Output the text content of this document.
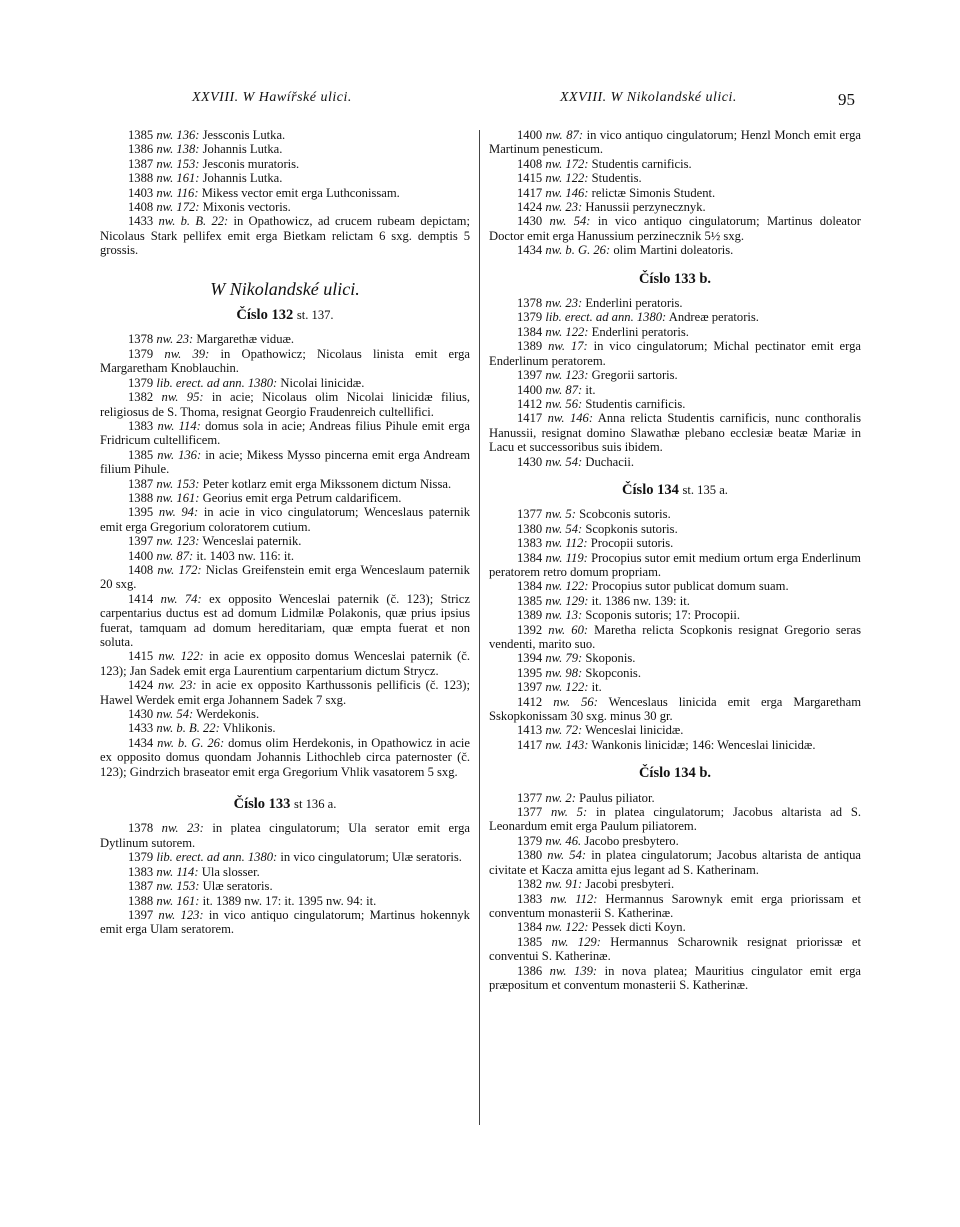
XXVIII. W Hawířské ulici.	XXVIII. W Nikolandské ulici.	95

1385 nw. 136: Jessconis Lutka.

1386 nw. 138: Johannis Lutka.

1387 nw. 153: Jesconis muratoris.

1388 nw. 161: Johannis Lutka.

1403 nw. 116: Mikess vector emit erga Luthconissam.

1408 nw. 172: Mixonis vectoris.

1433 nw. b. B. 22: in Opathowicz, ad crucem rubeam depictam; Nicolaus Stark pellifex emit erga Bietkam relictam 6 sxg. demptis 5 grossis.

W Nikolandské ulici.
Číslo 132 st. 137.

1378 nw. 23: Margarethæ viduæ.

1379 nw. 39: in Opathowicz; Nicolaus linista emit erga Margaretham Knoblauchin.

1379 lib. erect. ad ann. 1380: Nicolai linicidæ.

1382 nw. 95: in acie; Nicolaus olim Nicolai linicidæ filius, religiosus de S. Thoma, resignat Georgio Fraudenreich cultellifici.

1383 nw. 114: domus sola in acie; Andreas filius Pihule emit erga Fridricum cultellificem.

1385 nw. 136: in acie; Mikess Mysso pincerna emit erga Andream filium Pihule.

1387 nw. 153: Peter kotlarz emit erga Mikssonem dictum Nissa.

1388 nw. 161: Georius emit erga Petrum caldarificem.

1395 nw. 94: in acie in vico cingulatorum; Wenceslaus paternik emit erga Gregorium coloratorem cutium.

1397 nw. 123: Wenceslai paternik.

1400 nw. 87: it. 1403 nw. 116: it.

1408 nw. 172: Niclas Greifenstein emit erga Wenceslaum paternik 20 sxg.

1414 nw. 74: ex opposito Wenceslai paternik (č. 123); Stricz carpentarius ductus est ad domum Lidmilæ Polakonis, quæ prius ipsius fuerat, tamquam ad domum hereditariam, quæ empta fuerat et non soluta.

1415 nw. 122: in acie ex opposito domus Wenceslai paternik (č. 123); Jan Sadek emit erga Laurentium carpentarium dictum Strycz.

1424 nw. 23: in acie ex opposito Karthussonis pellificis (č. 123); Hawel Werdek emit erga Johannem Sadek 7 sxg.

1430 nw. 54: Werdekonis.

1433 nw. b. B. 22: Vhlikonis.

1434 nw. b. G. 26: domus olim Herdekonis, in Opathowicz in acie ex opposito domus quondam Johannis Lithochleb circa paternoster (č. 123); Gindrzich braseator emit erga Gregorium Vhlik vasatorem 5 sxg.

Číslo 133 st 136 a.

1378 nw. 23: in platea cingulatorum; Ula serator emit erga Dytlinum sutorem.

1379 lib. erect. ad ann. 1380: in vico cingulatorum; Ulæ seratoris.

1383 nw. 114: Ula slosser.

1387 nw. 153: Ulæ seratoris.

1388 nw. 161: it. 1389 nw. 17: it. 1395 nw. 94: it.

1397 nw. 123: in vico antiquo cingulatorum; Martinus hokennyk emit erga Ulam seratorem.

1400 nw. 87: in vico antiquo cingulatorum; Henzl Monch emit erga Martinum penesticum.

1408 nw. 172: Studentis carnificis.

1415 nw. 122: Studentis.

1417 nw. 146: relictæ Simonis Student.

1424 nw. 23: Hanussii perzynecznyk.

1430 nw. 54: in vico antiquo cingulatorum; Martinus doleator Doctor emit erga Hanussium perzinecznik 5½ sxg.

1434 nw. b. G. 26: olim Martini doleatoris.

Číslo 133 b.

1378 nw. 23: Enderlini peratoris.

1379 lib. erect. ad ann. 1380: Andreæ peratoris.

1384 nw. 122: Enderlini peratoris.

1389 nw. 17: in vico cingulatorum; Michal pectinator emit erga Enderlinum peratorem.

1397 nw. 123: Gregorii sartoris.

1400 nw. 87: it.

1412 nw. 56: Studentis carnificis.

1417 nw. 146: Anna relicta Studentis carnificis, nunc conthoralis Hanussii, resignat domino Slawathæ plebano ecclesiæ beatæ Mariæ in Lacu et successoribus suis ibidem.

1430 nw. 54: Duchacii.

Číslo 134 st. 135 a.

1377 nw. 5: Scobconis sutoris.

1380 nw. 54: Scopkonis sutoris.

1383 nw. 112: Procopii sutoris.

1384 nw. 119: Procopius sutor emit medium ortum erga Enderlinum peratorem retro domum propriam.

1384 nw. 122: Procopius sutor publicat domum suam.

1385 nw. 129: it. 1386 nw. 139: it.

1389 nw. 13: Scoponis sutoris; 17: Procopii.

1392 nw. 60: Maretha relicta Scopkonis resignat Gregorio seras vendenti, marito suo.

1394 nw. 79: Skoponis.

1395 nw. 98: Skopconis.

1397 nw. 122: it.

1412 nw. 56: Wenceslaus linicida emit erga Margaretham Sskopkonissam 30 sxg. minus 30 gr.

1413 nw. 72: Wenceslai linicidæ.

1417 nw. 143: Wankonis linicidæ; 146: Wenceslai linicidæ.

Číslo 134 b.

1377 nw. 2: Paulus piliator.

1377 nw. 5: in platea cingulatorum; Jacobus altarista ad S. Leonardum emit erga Paulum piliatorem.

1379 nw. 46. Jacobo presbytero.

1380 nw. 54: in platea cingulatorum; Jacobus altarista de antiqua civitate et Kacza amitta ejus legant ad S. Katherinam.

1382 nw. 91: Jacobi presbyteri.

1383 nw. 112: Hermannus Sarownyk emit erga priorissam et conventum monasterii S. Katherinæ.

1384 nw. 122: Pessek dicti Koyn.

1385 nw. 129: Hermannus Scharownik resignat priorissæ et conventui S. Katherinæ.

1386 nw. 139: in nova platea; Mauritius cingulator emit erga præpositum et conventum monasterii S. Katherinæ.
